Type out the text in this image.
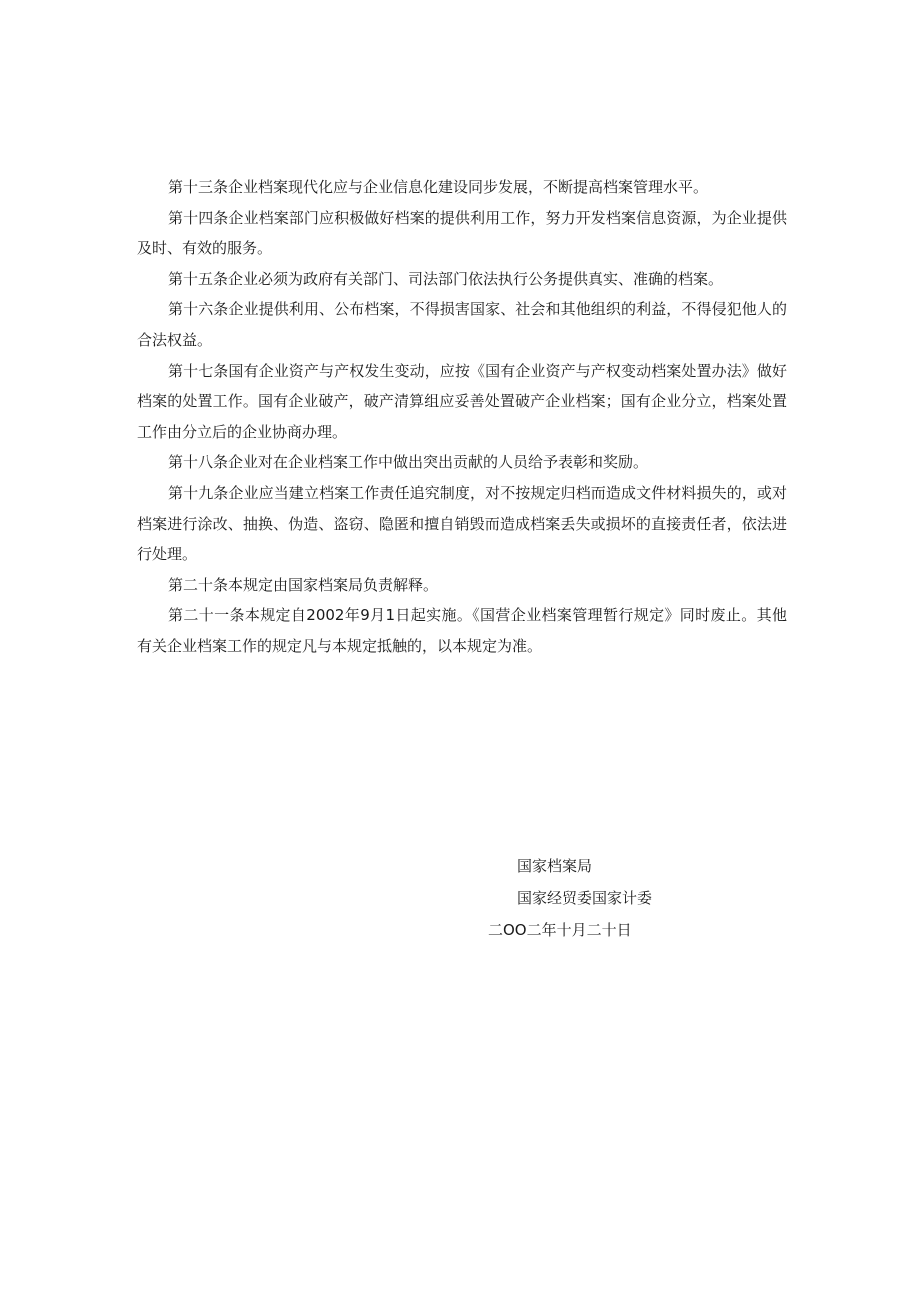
第十三条企业档案现代化应与企业信息化建设同步发展，不断提高档案管理水平。

第十四条企业档案部门应积极做好档案的提供利用工作，努力开发档案信息资源，为企业提供及时、有效的服务。

第十五条企业必须为政府有关部门、司法部门依法执行公务提供真实、准确的档案。

第十六条企业提供利用、公布档案，不得损害国家、社会和其他组织的利益，不得侵犯他人的合法权益。

第十七条国有企业资产与产权发生变动，应按《国有企业资产与产权变动档案处置办法》做好档案的处置工作。国有企业破产，破产清算组应妥善处置破产企业档案；国有企业分立，档案处置工作由分立后的企业协商办理。

第十八条企业对在企业档案工作中做出突出贡献的人员给予表彰和奖励。

第十九条企业应当建立档案工作责任追究制度，对不按规定归档而造成文件材料损失的，或对档案进行涂改、抽换、伪造、盗窃、隐匿和擅自销毁而造成档案丢失或损坏的直接责任者，依法进行处理。

第二十条本规定由国家档案局负责解释。

第二十一条本规定自2002年9月1日起实施。《国营企业档案管理暂行规定》同时废止。其他有关企业档案工作的规定凡与本规定抵触的，以本规定为准。

国家档案局
国家经贸委国家计委
二OO二年十月二十日
